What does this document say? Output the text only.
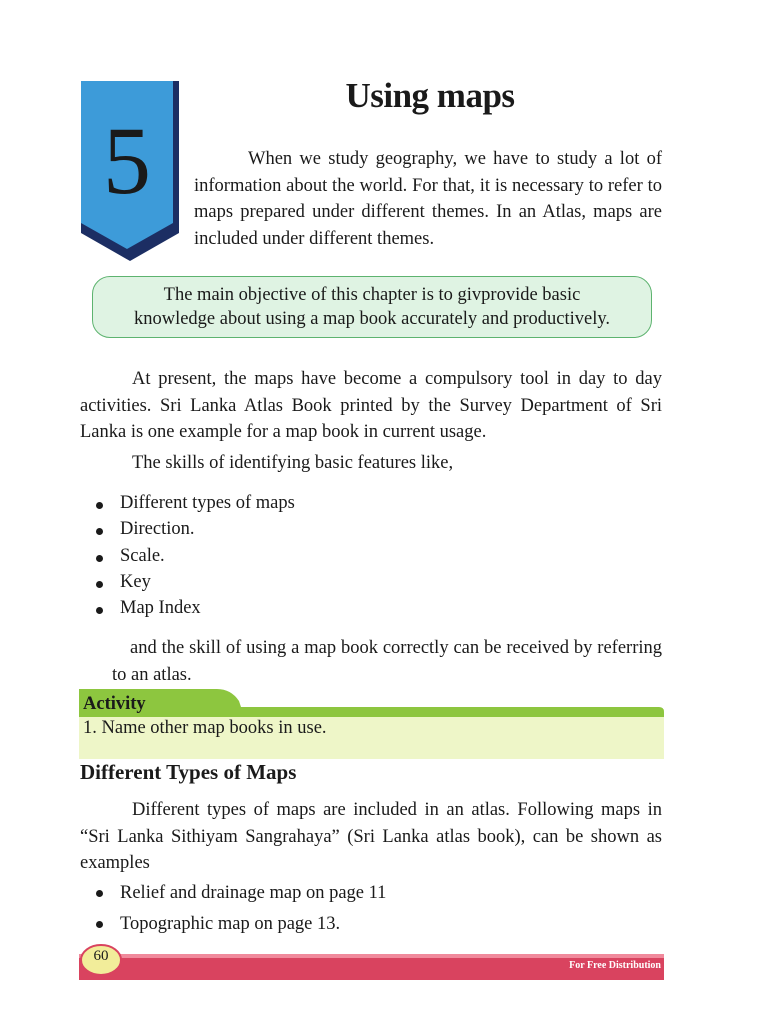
5
Using maps

When we study geography, we have to study a lot of information about the world. For that, it is necessary to refer to maps prepared under different themes. In an Atlas, maps are included under different themes.

The main objective of this chapter is to givprovide basic
knowledge about using a map book accurately and productively.

At present, the maps have become a compulsory tool in day to day activities. Sri Lanka Atlas Book printed by the Survey Department of Sri Lanka is one example for a map book in current usage.

The skills of identifying basic features like,
Different types of maps
Direction.
Scale.
Key
Map Index

and the skill of using a map book correctly can be received by referring to an atlas.

Activity
1. Name other map books in use.
Different Types of Maps

Different types of maps are included in an atlas. Following maps in “Sri Lanka Sithiyam Sangrahaya” (Sri Lanka atlas book), can be shown as examples

Relief and drainage map on page 11
Topographic map on page 13.
60
For Free Distribution
